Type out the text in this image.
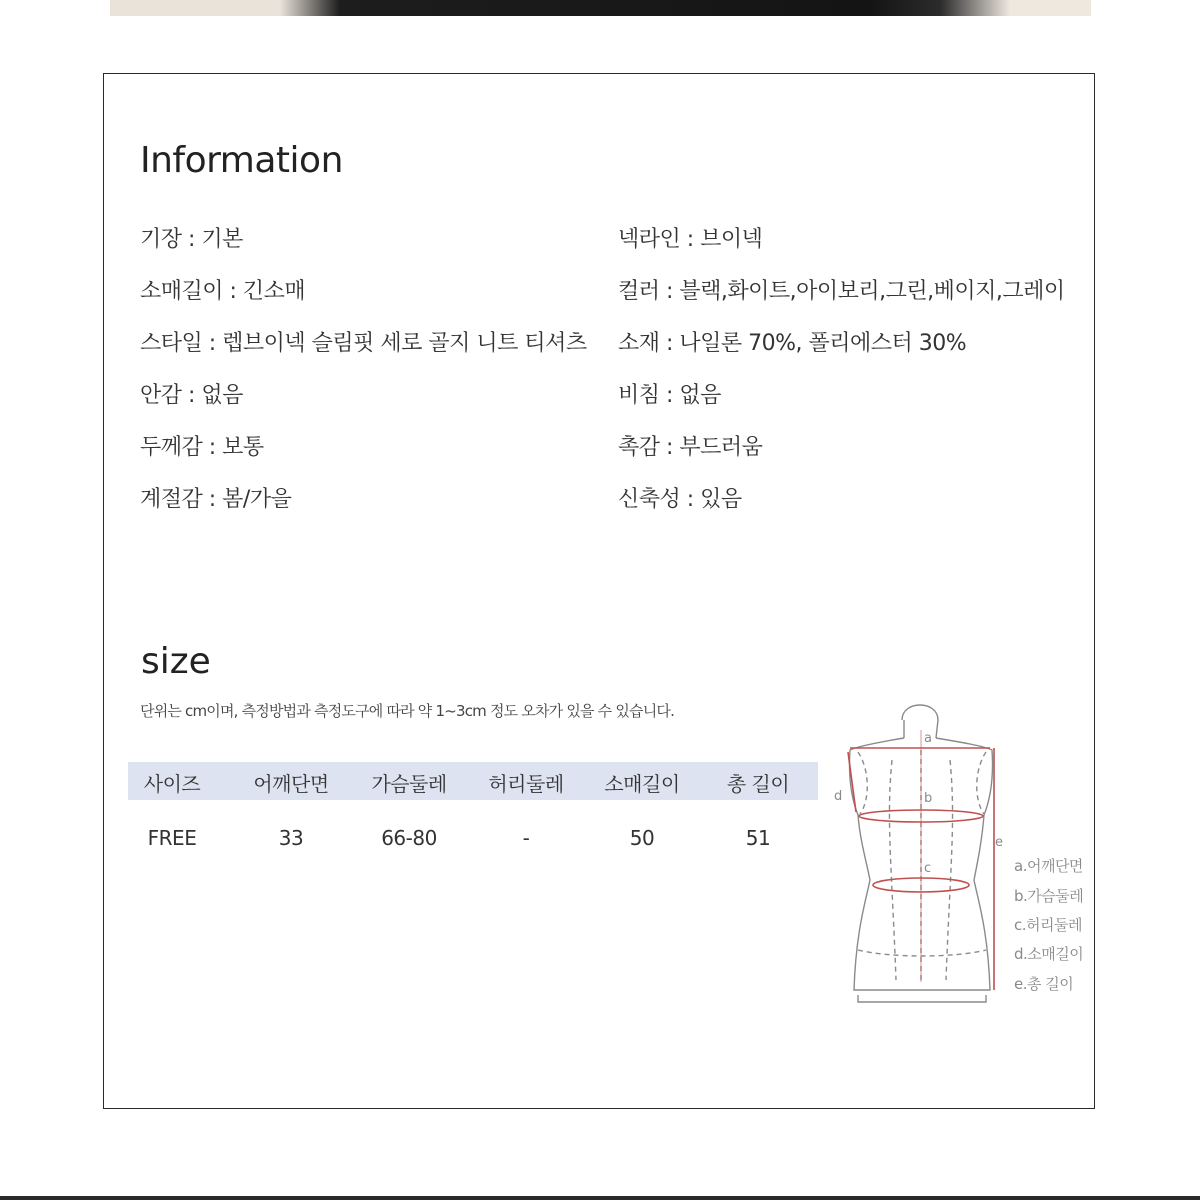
Information
기장 : 기본
소매길이 : 긴소매
스타일 : 렙브이넥 슬림핏 세로 골지 니트 티셔츠
안감 : 없음
두께감 : 보통
계절감 : 봄/가을
넥라인 : 브이넥
컬러 : 블랙,화이트,아이보리,그린,베이지,그레이
소재 : 나일론 70%, 폴리에스터 30%
비침 : 없음
촉감 : 부드러움
신축성 : 있음
size
단위는 cm이며, 측정방법과 측정도구에 따라 약 1~3cm 정도 오차가 있을 수 있습니다.
사이즈	어깨단면	가슴둘레	허리둘레	소매길이	총 길이
FREE	33	66-80	-	50	51
a
b
c
d
e
a.어깨단면
b.가슴둘레
c.허리둘레
d.소매길이
e.총 길이
